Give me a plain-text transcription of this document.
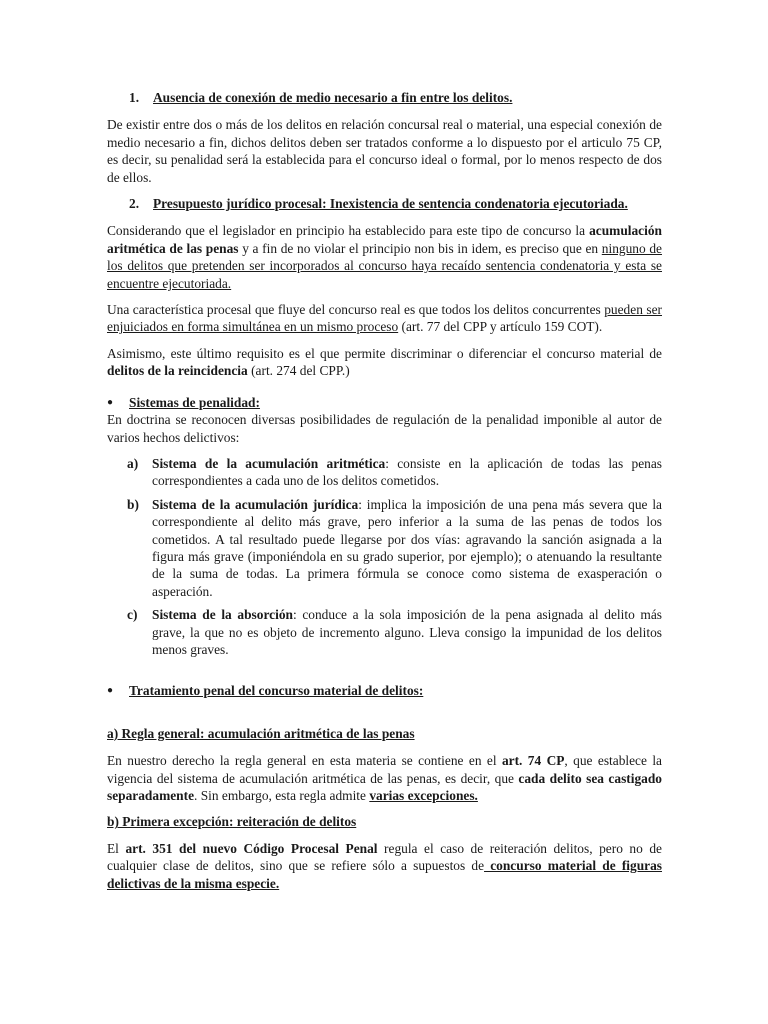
1.	Ausencia de conexión de medio necesario a fin entre los delitos.

De existir entre dos o más de los delitos en relación concursal real o material, una especial conexión de medio necesario a fin, dichos delitos deben ser tratados conforme a lo dispuesto por el articulo 75 CP, es decir, su penalidad será la establecida para el concurso ideal o formal, por lo menos respecto de dos de ellos.

2.	Presupuesto jurídico procesal: Inexistencia de sentencia condenatoria ejecutoriada.

Considerando que el legislador en principio ha establecido para este tipo de concurso la acumulación aritmética de las penas y a fin de no violar el principio non bis in idem, es preciso que en ninguno de los delitos que pretenden ser incorporados al concurso haya recaído sentencia condenatoria y esta se encuentre ejecutoriada.

Una característica procesal que fluye del concurso real es que todos los delitos concurrentes pueden ser enjuiciados en forma simultánea en un mismo proceso (art. 77 del CPP y artículo 159 COT).

Asimismo, este último requisito es el que permite discriminar o diferenciar el concurso material de delitos de la reincidencia (art. 274 del CPP.)

●	Sistemas de penalidad:

En doctrina se reconocen diversas posibilidades de regulación de la penalidad imponible al autor de varios hechos delictivos:

a)	Sistema de la acumulación aritmética: consiste en la aplicación de todas las penas correspondientes a cada uno de los delitos cometidos.
b) Sistema de la acumulación jurídica: implica la imposición de una pena más severa que la correspondiente al delito más grave, pero inferior a la suma de las penas de todos los cometidos. A tal resultado puede llegarse por dos vías: agravando la sanción asignada a la figura más grave (imponiéndola en su grado superior, por ejemplo); o atenuando la resultante de la suma de todas. La primera fórmula se conoce como sistema de exasperación o asperación.
c)	Sistema de la absorción: conduce a la sola imposición de la pena asignada al delito más grave, la que no es objeto de incremento alguno. Lleva consigo la impunidad de los delitos menos graves.
●	Tratamiento penal del concurso material de delitos:

a) Regla general: acumulación aritmética de las penas

En nuestro derecho la regla general en esta materia se contiene en el art. 74 CP, que establece la vigencia del sistema de acumulación aritmética de las penas, es decir, que cada delito sea castigado separadamente. Sin embargo, esta regla admite varias excepciones.

b) Primera excepción: reiteración de delitos

El art. 351 del nuevo Código Procesal Penal regula el caso de reiteración delitos, pero no de cualquier clase de delitos, sino que se refiere sólo a supuestos de concurso material de figuras delictivas de la misma especie.
